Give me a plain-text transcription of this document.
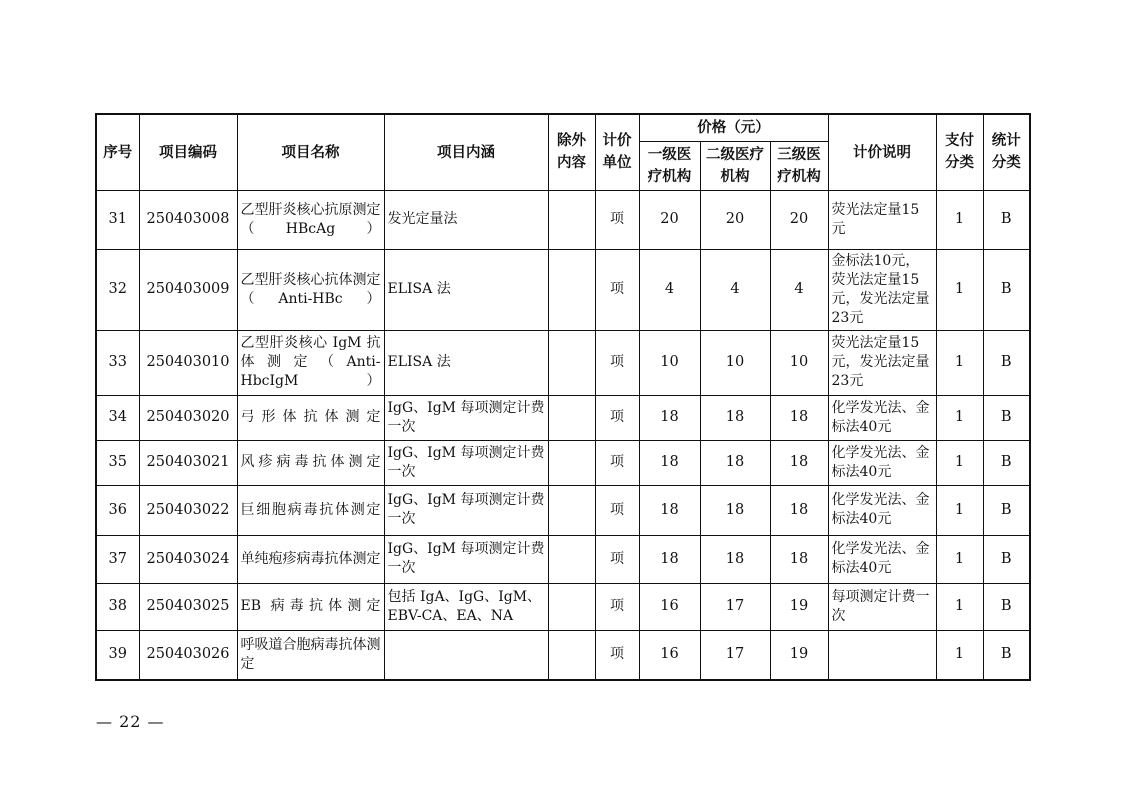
序号	项目编码	项目名称	项目内涵	除外内容	计价单位	价格（元）			计价说明	支付分类	统计分类
						一级医疗机构	二级医疗机构	三级医疗机构			
31	250403008	乙型肝炎核心抗原测定（HBcAg）	发光定量法		项	20	20	20	荧光法定量15元	1	B
32	250403009	乙型肝炎核心抗体测定（Anti-HBc）	ELISA 法		项	4	4	4	金标法10元，荧光法定量15元，发光法定量23元	1	B
33	250403010	乙型肝炎核心 IgM 抗体测定（Anti-HbcIgM）	ELISA 法		项	10	10	10	荧光法定量15元，发光法定量23元	1	B
34	250403020	弓形体抗体测定	IgG、IgM 每项测定计费一次		项	18	18	18	化学发光法、金标法40元	1	B
35	250403021	风疹病毒抗体测定	IgG、IgM 每项测定计费一次		项	18	18	18	化学发光法、金标法40元	1	B
36	250403022	巨细胞病毒抗体测定	IgG、IgM 每项测定计费一次		项	18	18	18	化学发光法、金标法40元	1	B
37	250403024	单纯疱疹病毒抗体测定	IgG、IgM 每项测定计费一次		项	18	18	18	化学发光法、金标法40元	1	B
38	250403025	EB 病毒抗体测定	包括 IgA、IgG、IgM、EBV-CA、EA、NA		项	16	17	19	每项测定计费一次	1	B
39	250403026	呼吸道合胞病毒抗体测定			项	16	17	19		1	B
— 22 —
